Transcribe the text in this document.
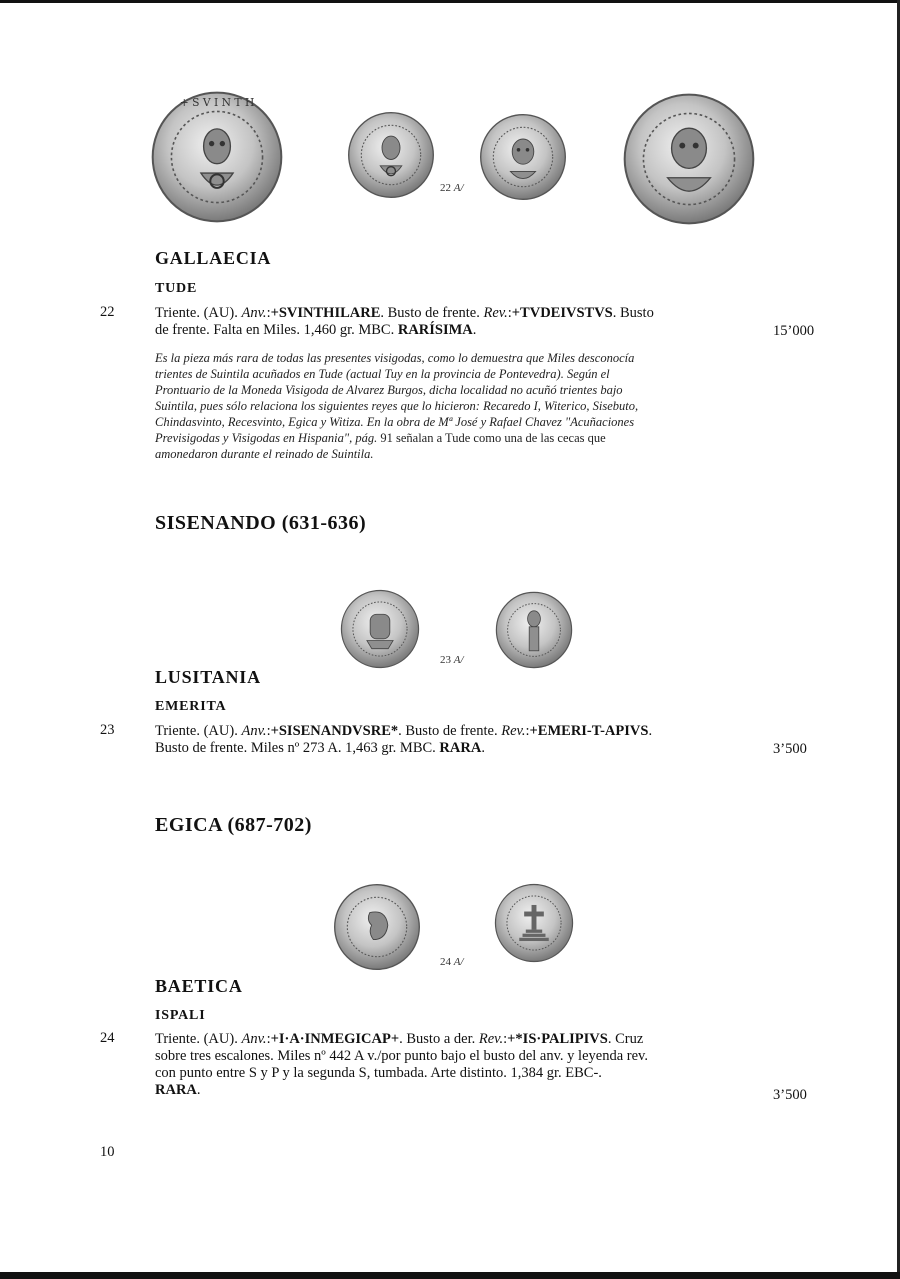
+ S V I N T H
22 A/
GALLAECIA
TUDE
22	Triente. (AU). Anv.:+SVINTHILARE. Busto de frente. Rev.:+TVDEIVSTVS. Busto
de frente. Falta en Miles. 1,460 gr. MBC. RARÍSIMA.	15’000

Es la pieza más rara de todas las presentes visigodas, como lo demuestra que Miles desconocía
trientes de Suintila acuñados en Tude (actual Tuy en la provincia de Pontevedra). Según el
Prontuario de la Moneda Visigoda de Alvarez Burgos, dicha localidad no acuñó trientes bajo
Suintila, pues sólo relaciona los siguientes reyes que lo hicieron: Recaredo I, Witerico, Sisebuto,
Chindasvinto, Recesvinto, Egica y Witiza. En la obra de Mª José y Rafael Chavez "Acuñaciones
Previsigodas y Visigodas en Hispania", pág. 91 señalan a Tude como una de las cecas que
amonedaron durante el reinado de Suintila.

SISENANDO (631-636)
23 A/
LUSITANIA
EMERITA
23	Triente. (AU). Anv.:+SISENANDVSRE*. Busto de frente. Rev.:+EMERI-T-APIVS.
Busto de frente. Miles nº 273 A. 1,463 gr. MBC. RARA.	3’500
EGICA (687-702)
24 A/
BAETICA
ISPALI
24	Triente. (AU). Anv.:+I·A·INMEGICAP+. Busto a der. Rev.:+*IS·PALIPIVS. Cruz
sobre tres escalones. Miles nº 442 A v./por punto bajo el busto del anv. y leyenda rev.
con punto entre S y P y la segunda S, tumbada. Arte distinto. 1,384 gr. EBC-.
RARA.	3’500
10
